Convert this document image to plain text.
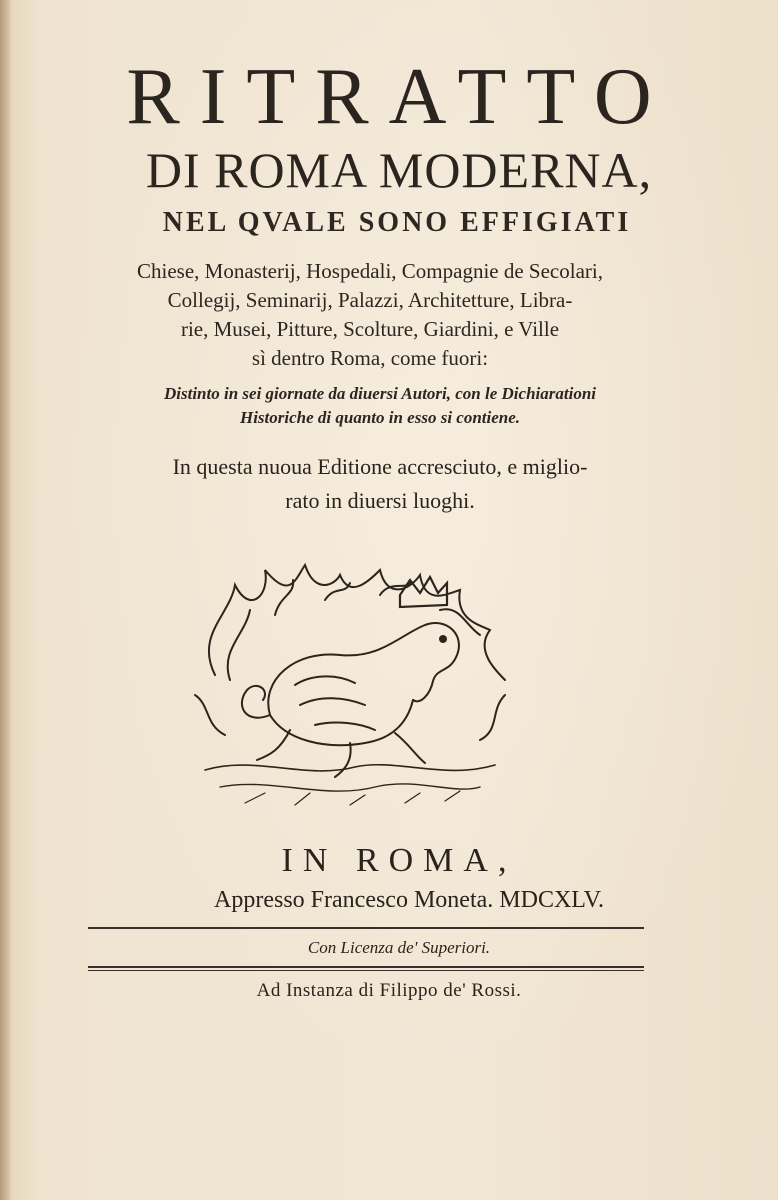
RITRATTO
DI ROMA MODERNA,
NEL QVALE SONO EFFIGIATI
Chiese, Monasterij, Hospedali, Compagnie de Secolari,
Collegij, Seminarij, Palazzi, Architetture, Libra-
rie, Musei, Pitture, Scolture, Giardini, e Ville
sì dentro Roma, come fuori:
Distinto in sei giornate da diuersi Autori, con le Dichiarationi
Historiche di quanto in esso si contiene.
In questa nuoua Editione accresciuto, e miglio-
rato in diuersi luoghi.
IN ROMA,
Appresso Francesco Moneta. MDCXLV.
Con Licenza de' Superiori.
Ad Instanza di Filippo de' Rossi.
